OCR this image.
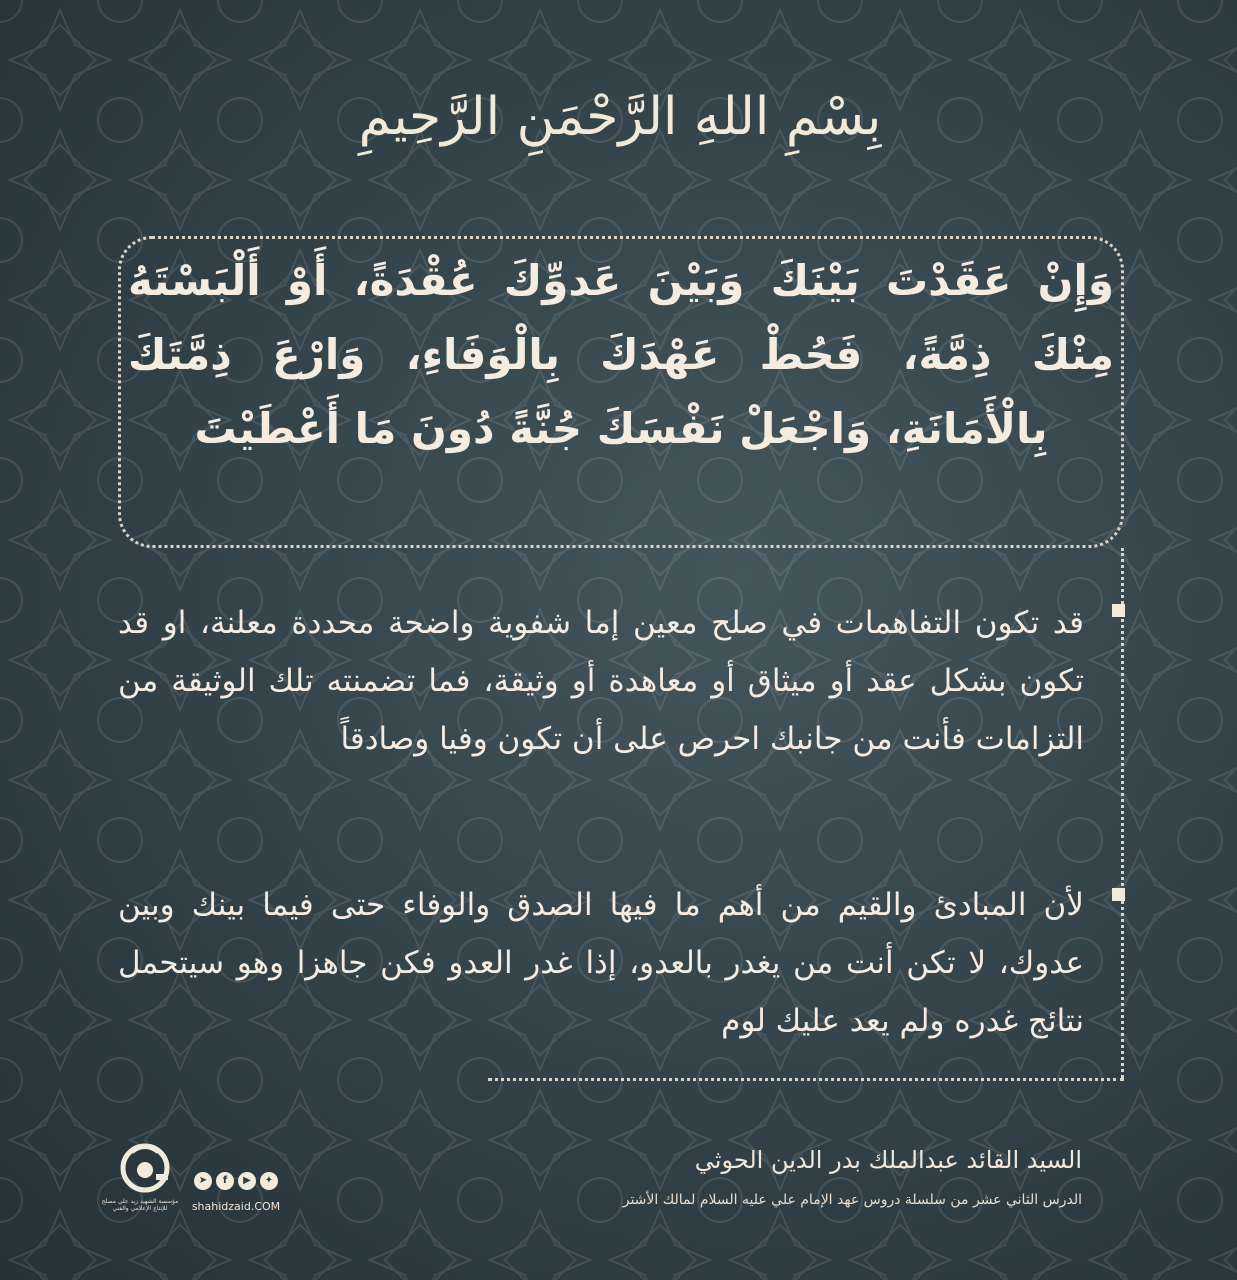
بِسْمِ اللهِ الرَّحْمَنِ الرَّحِيمِ
وَإِنْ عَقَدْتَ بَيْنَكَ وَبَيْنَ عَدوِّكَ عُقْدَةً، أَوْ أَلْبَسْتَهُ مِنْكَ ذِمَّةً، فَحُطْ عَهْدَكَ بِالْوَفَاءِ، وَارْعَ ذِمَّتَكَ بِالْأَمَانَةِ، وَاجْعَلْ نَفْسَكَ جُنَّةً دُونَ مَا أَعْطَيْتَ
قد تكون التفاهمات في صلح معين إما شفوية واضحة محددة معلنة، او قد تكون بشكل عقد أو ميثاق أو معاهدة أو وثيقة، فما تضمنته تلك الوثيقة من التزامات فأنت من جانبك احرص على أن تكون وفيا وصادقاً
لأن المبادئ والقيم من أهم ما فيها الصدق والوفاء حتى فيما بينك وبين عدوك، لا تكن أنت من يغدر بالعدو، إذا غدر العدو فكن جاهزا وهو سيتحمل نتائج غدره ولم يعد عليك لوم
السيد القائد عبدالملك بدر الدين الحوثي
الدرس الثاني عشر من سلسلة دروس عهد الإمام علي عليه السلام لمالك الأشتر
مؤسسة الشهيد زيد علي مصلح للإنتاج الإعلامي والفني
➤	f	▶	✦
shahidzaid.COM
